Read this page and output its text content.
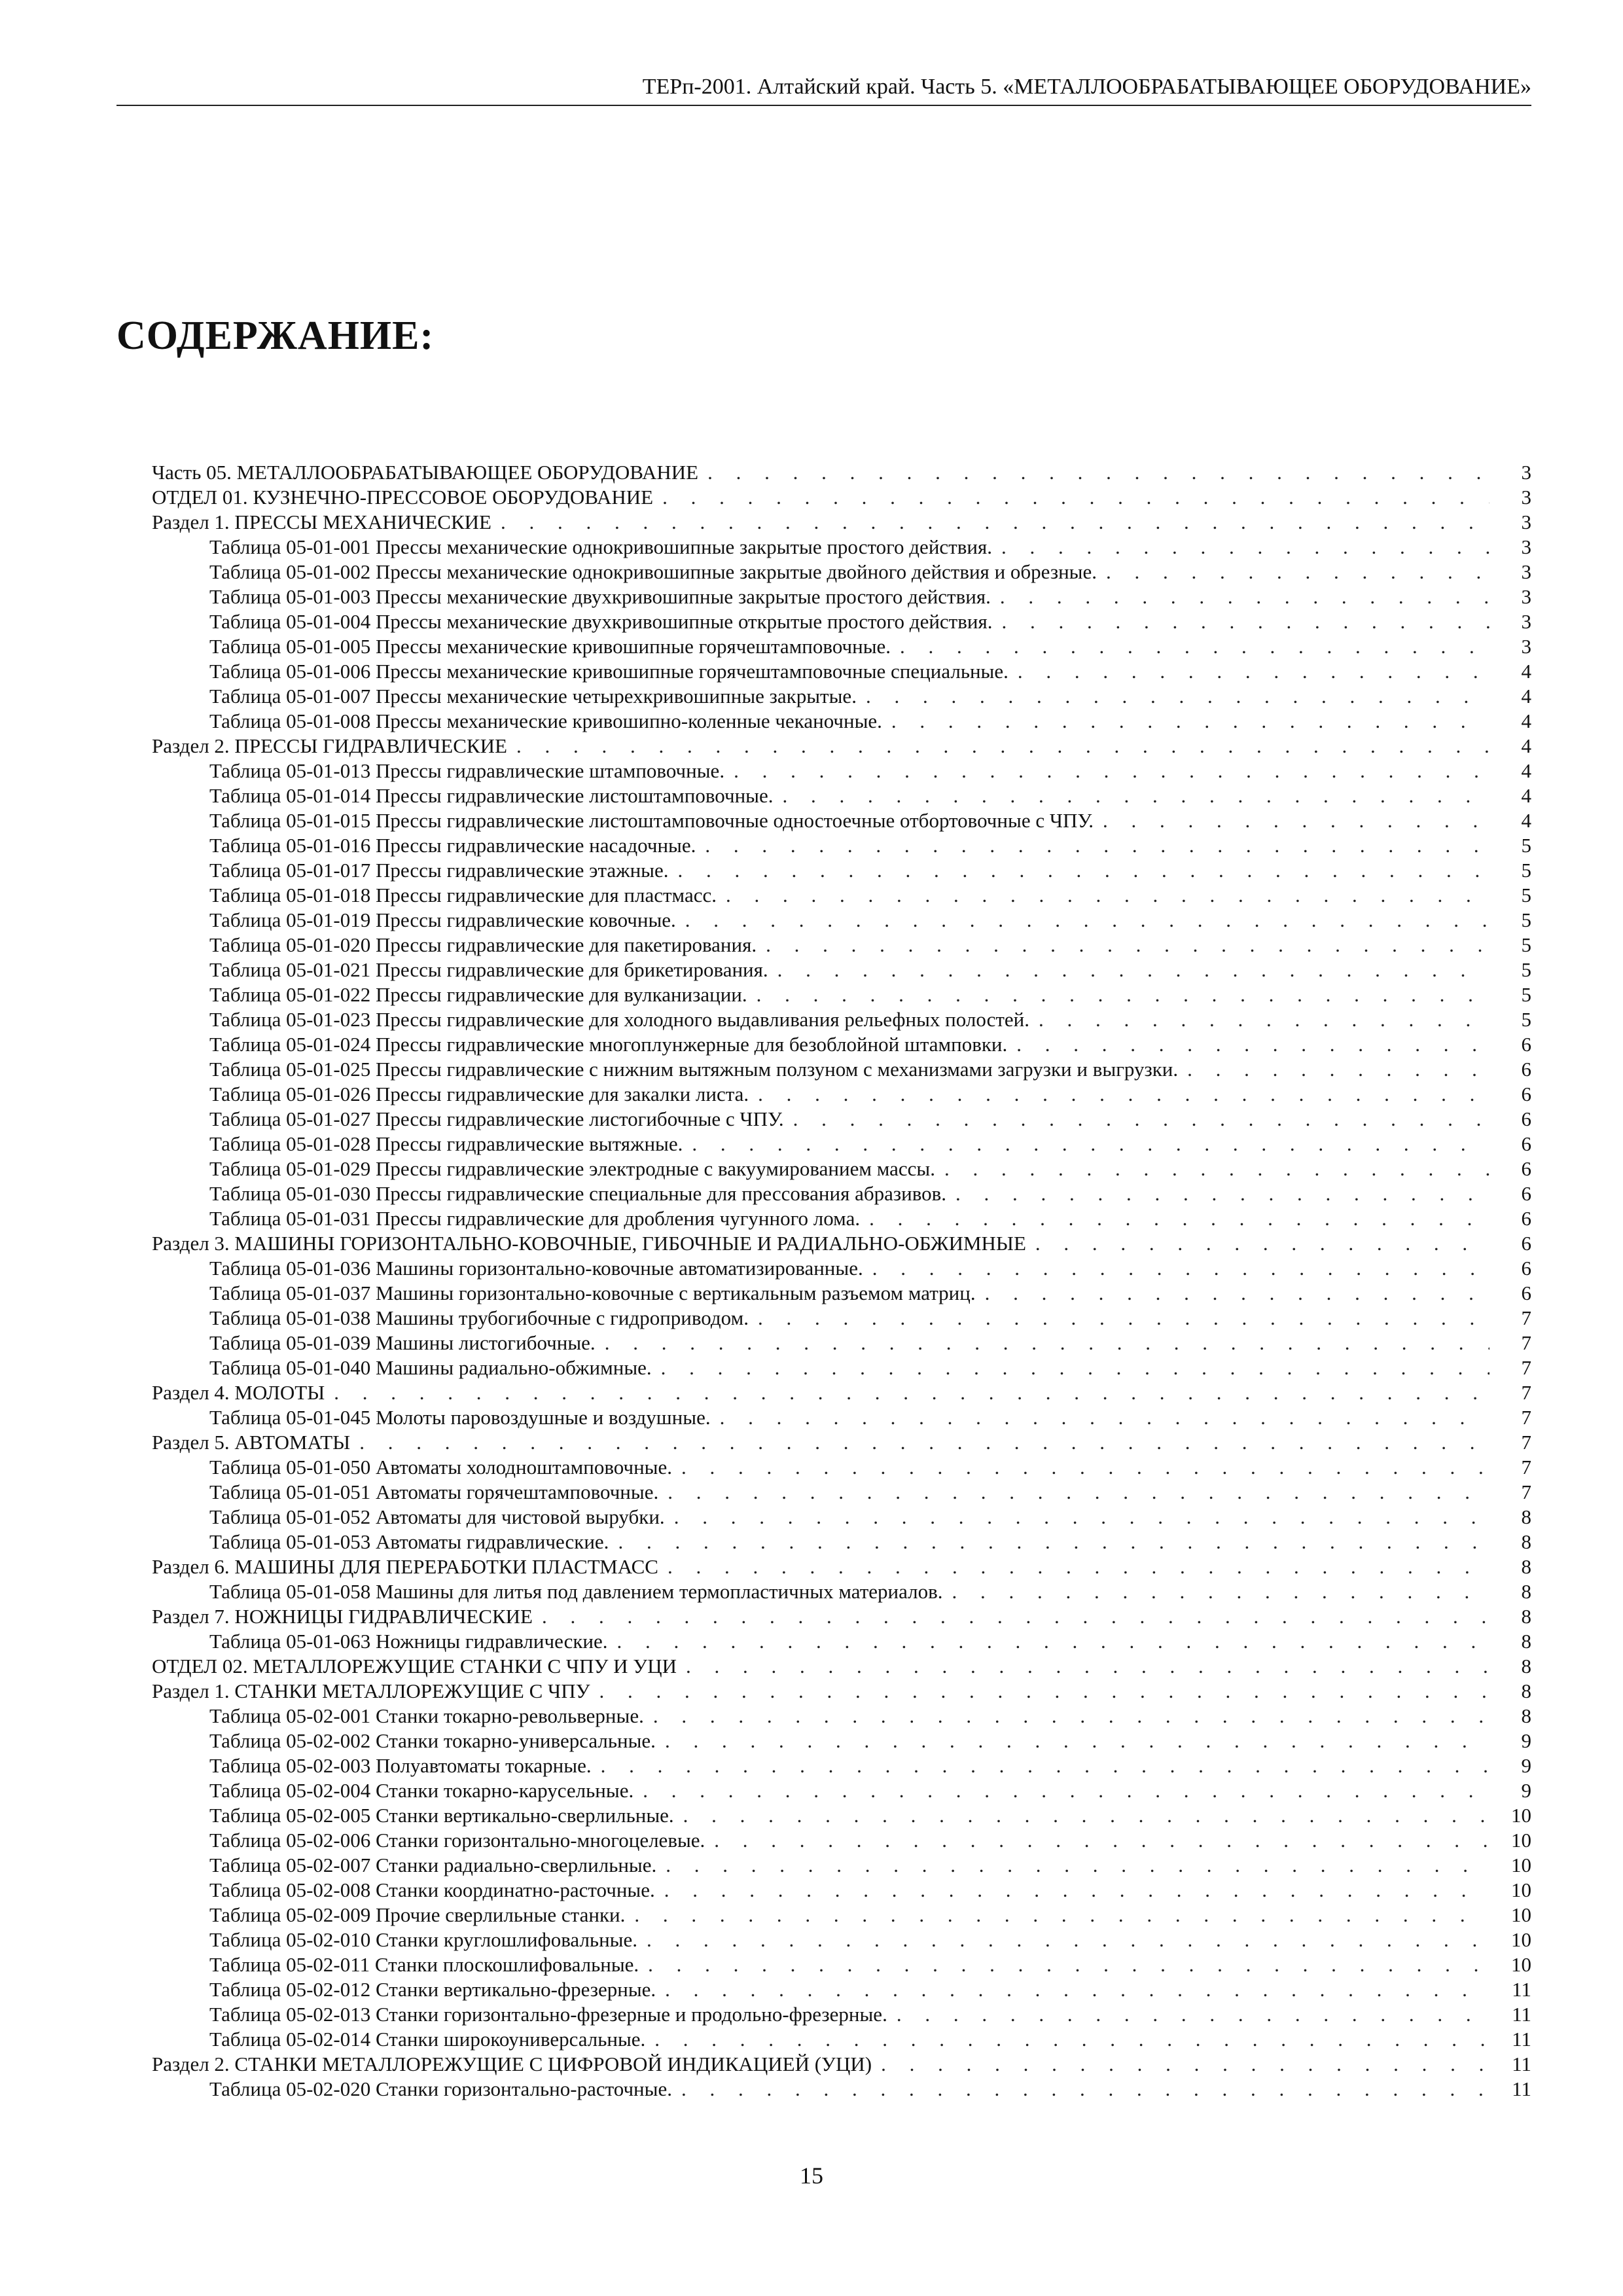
ТЕРп-2001. Алтайский край. Часть 5. «МЕТАЛЛООБРАБАТЫВАЮЩЕЕ ОБОРУДОВАНИЕ»
СОДЕРЖАНИЕ:
Часть 05. МЕТАЛЛООБРАБАТЫВАЮЩЕЕ ОБОРУДОВАНИЕ . . .	3
ОТДЕЛ 01. КУЗНЕЧНО-ПРЕССОВОЕ ОБОРУДОВАНИЕ . . .	3
Раздел 1. ПРЕССЫ МЕХАНИЧЕСКИЕ . . .	3
Таблица 05-01-001 Прессы механические однокривошипные закрытые простого действия. . . .	3
Таблица 05-01-002 Прессы механические однокривошипные закрытые двойного действия и обрезные. . . .	3
Таблица 05-01-003 Прессы механические двухкривошипные закрытые простого действия. . . .	3
Таблица 05-01-004 Прессы механические двухкривошипные открытые простого действия. . . .	3
Таблица 05-01-005 Прессы механические кривошипные горячештамповочные. . . .	3
Таблица 05-01-006 Прессы механические кривошипные горячештамповочные специальные. . . .	4
Таблица 05-01-007 Прессы механические четырехкривошипные закрытые. . . .	4
Таблица 05-01-008 Прессы механические кривошипно-коленные чеканочные. . . .	4
Раздел 2. ПРЕССЫ ГИДРАВЛИЧЕСКИЕ . . .	4
Таблица 05-01-013 Прессы гидравлические штамповочные. . . .	4
Таблица 05-01-014 Прессы гидравлические листоштамповочные. . . .	4
Таблица 05-01-015 Прессы гидравлические листоштамповочные одностоечные отбортовочные с ЧПУ. . . .	4
Таблица 05-01-016 Прессы гидравлические насадочные. . . .	5
Таблица 05-01-017 Прессы гидравлические этажные. . . .	5
Таблица 05-01-018 Прессы гидравлические для пластмасс. . . .	5
Таблица 05-01-019 Прессы гидравлические ковочные. . . .	5
Таблица 05-01-020 Прессы гидравлические для пакетирования. . . .	5
Таблица 05-01-021 Прессы гидравлические для брикетирования. . . .	5
Таблица 05-01-022 Прессы гидравлические для вулканизации. . . .	5
Таблица 05-01-023 Прессы гидравлические для холодного выдавливания рельефных полостей. . . .	5
Таблица 05-01-024 Прессы гидравлические многоплунжерные для безоблойной штамповки. . . .	6
Таблица 05-01-025 Прессы гидравлические с нижним вытяжным ползуном с механизмами загрузки и выгрузки. . . .	6
Таблица 05-01-026 Прессы гидравлические для закалки листа. . . .	6
Таблица 05-01-027 Прессы гидравлические листогибочные с ЧПУ. . . .	6
Таблица 05-01-028 Прессы гидравлические вытяжные. . . .	6
Таблица 05-01-029 Прессы гидравлические электродные с вакуумированием массы. . . .	6
Таблица 05-01-030 Прессы гидравлические специальные для прессования абразивов. . . .	6
Таблица 05-01-031 Прессы гидравлические для дробления чугунного лома. . . .	6
Раздел 3. МАШИНЫ ГОРИЗОНТАЛЬНО-КОВОЧНЫЕ, ГИБОЧНЫЕ И РАДИАЛЬНО-ОБЖИМНЫЕ . . .	6
Таблица 05-01-036 Машины горизонтально-ковочные автоматизированные. . . .	6
Таблица 05-01-037 Машины горизонтально-ковочные с вертикальным разъемом матриц. . . .	6
Таблица 05-01-038 Машины трубогибочные с гидроприводом. . . .	7
Таблица 05-01-039 Машины листогибочные. . . .	7
Таблица 05-01-040 Машины радиально-обжимные. . . .	7
Раздел 4. МОЛОТЫ . . .	7
Таблица 05-01-045 Молоты паровоздушные и воздушные. . . .	7
Раздел 5. АВТОМАТЫ . . .	7
Таблица 05-01-050 Автоматы холодноштамповочные. . . .	7
Таблица 05-01-051 Автоматы горячештамповочные. . . .	7
Таблица 05-01-052 Автоматы для чистовой вырубки. . . .	8
Таблица 05-01-053 Автоматы гидравлические. . . .	8
Раздел 6. МАШИНЫ ДЛЯ ПЕРЕРАБОТКИ ПЛАСТМАСС . . .	8
Таблица 05-01-058 Машины для литья под давлением термопластичных материалов. . . .	8
Раздел 7. НОЖНИЦЫ ГИДРАВЛИЧЕСКИЕ . . .	8
Таблица 05-01-063 Ножницы гидравлические. . . .	8
ОТДЕЛ 02. МЕТАЛЛОРЕЖУЩИЕ СТАНКИ С ЧПУ И УЦИ . . .	8
Раздел 1. СТАНКИ МЕТАЛЛОРЕЖУЩИЕ С ЧПУ . . .	8
Таблица 05-02-001 Станки токарно-револьверные. . . .	8
Таблица 05-02-002 Станки токарно-универсальные. . . .	9
Таблица 05-02-003 Полуавтоматы токарные. . . .	9
Таблица 05-02-004 Станки токарно-карусельные. . . .	9
Таблица 05-02-005 Станки вертикально-сверлильные. . . .	10
Таблица 05-02-006 Станки горизонтально-многоцелевые. . . .	10
Таблица 05-02-007 Станки радиально-сверлильные. . . .	10
Таблица 05-02-008 Станки координатно-расточные. . . .	10
Таблица 05-02-009 Прочие сверлильные станки. . . .	10
Таблица 05-02-010 Станки круглошлифовальные. . . .	10
Таблица 05-02-011 Станки плоскошлифовальные. . . .	10
Таблица 05-02-012 Станки вертикально-фрезерные. . . .	11
Таблица 05-02-013 Станки горизонтально-фрезерные и продольно-фрезерные. . . .	11
Таблица 05-02-014 Станки широкоуниверсальные. . . .	11
Раздел 2. СТАНКИ МЕТАЛЛОРЕЖУЩИЕ С ЦИФРОВОЙ ИНДИКАЦИЕЙ (УЦИ) . . .	11
Таблица 05-02-020 Станки горизонтально-расточные. . . .	11
15
